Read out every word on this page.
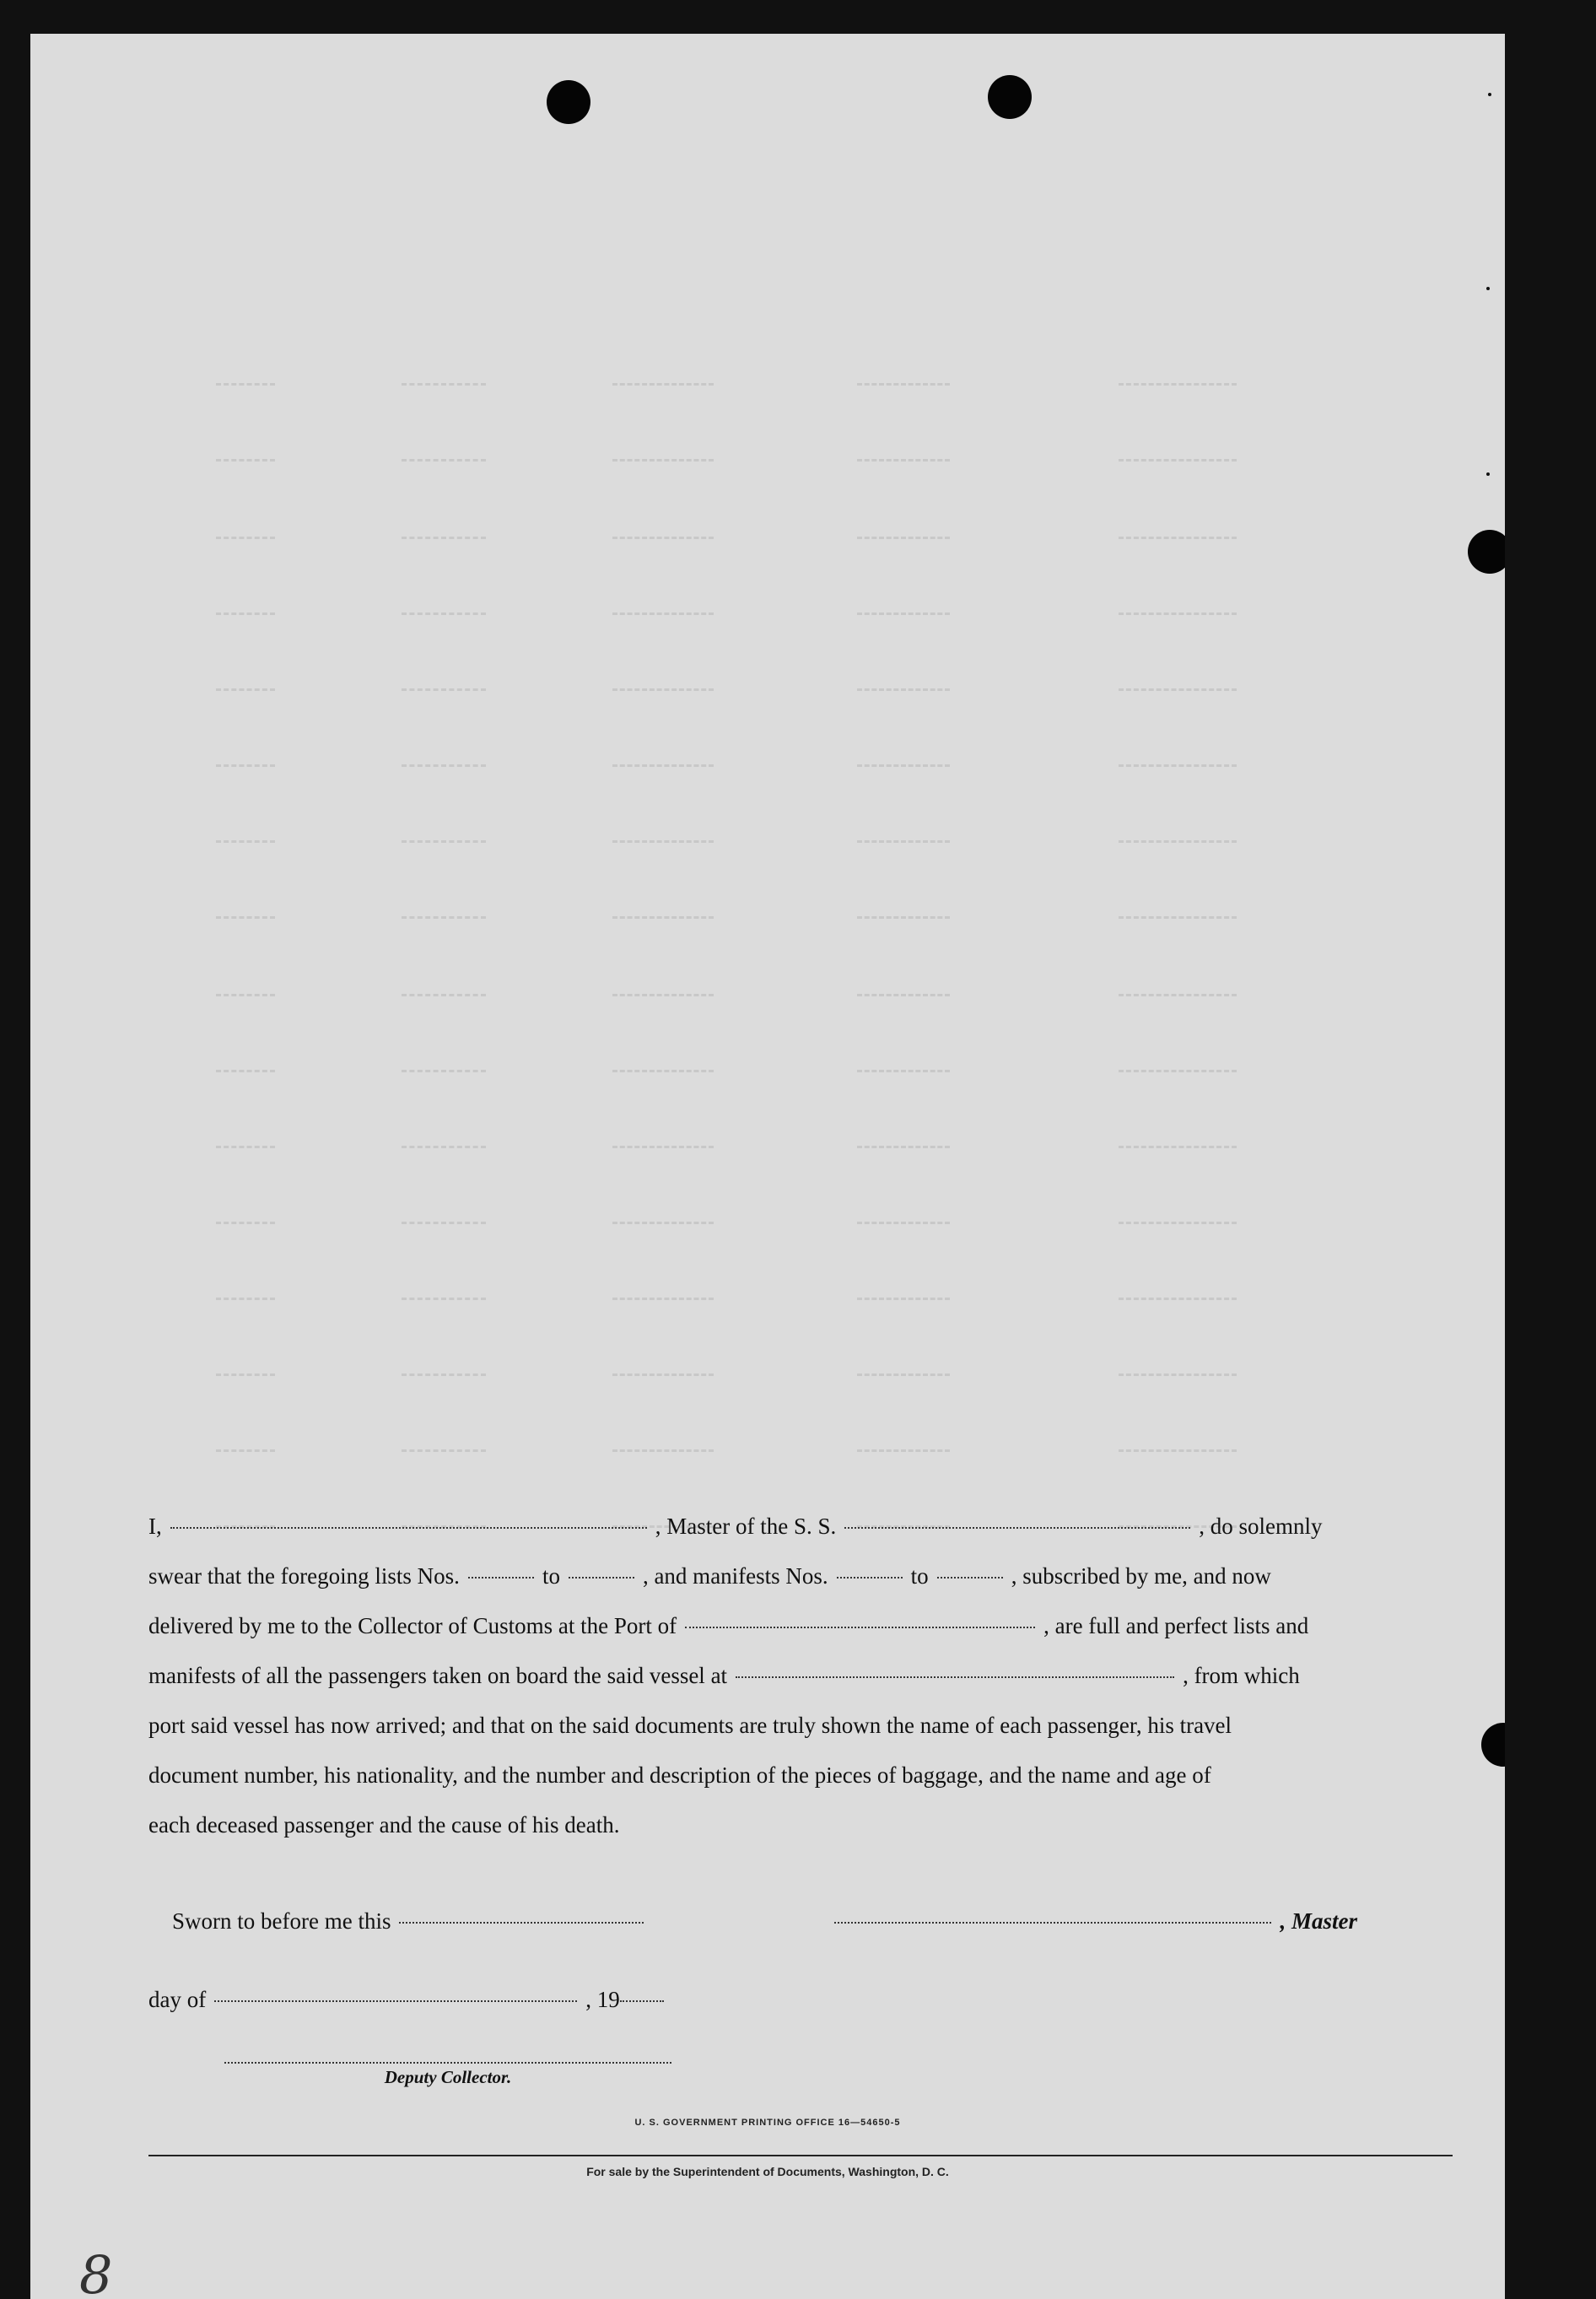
I,	, Master of the S. S.	, do solemnly
swear that the foregoing lists Nos.	to	, and manifests Nos.	to	, subscribed by me, and now
delivered by me to the Collector of Customs at the Port of	, are full and perfect lists and
manifests of all the passengers taken on board the said vessel at	, from which
port said vessel has now arrived; and that on the said documents are truly shown the name of each passenger, his travel
document number, his nationality, and the number and description of the pieces of baggage, and the name and age of
each deceased passenger and the cause of his death.
Sworn to before me this	, Master
day of	, 19
Deputy Collector.
U. S. GOVERNMENT PRINTING OFFICE 16—54650-5
For sale by the Superintendent of Documents, Washington, D. C.
8
